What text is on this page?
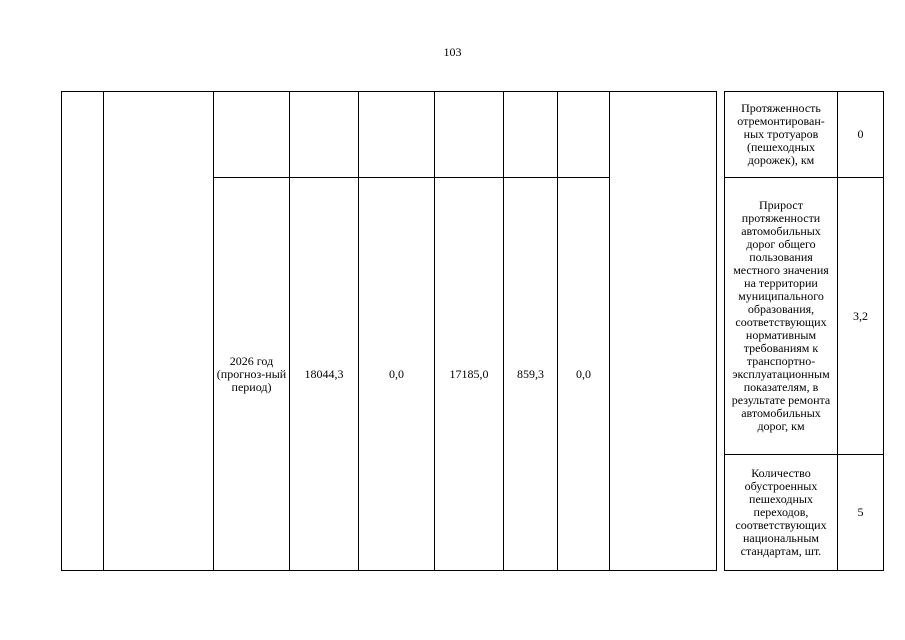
103
										Протяженность отремонтирован-ных тротуаров (пешеходных дорожек), км	0
		2026 год (прогноз-ный период)	18044,3	0,0	17185,0	859,3	0,0			Прирост протяженности автомобильных дорог общего пользования местного значения на территории муниципального образования, соответствующих нормативным требованиям к транспортно-эксплуатационным показателям, в результате ремонта автомобильных дорог, км	3,2
										Количество обустроенных пешеходных переходов, соответствующих национальным стандартам, шт.	5
